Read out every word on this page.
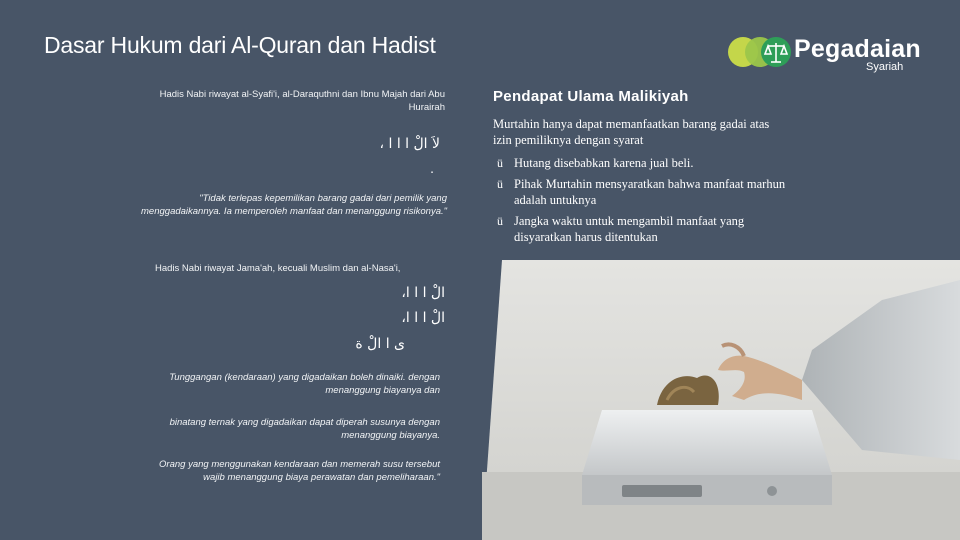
Dasar Hukum dari Al-Quran dan Hadist	Pegadaian
Syariah
Hadis Nabi riwayat al-Syafi'i, al-Daraquthni dan Ibnu Majah dari Abu Hurairah
لاَ الْ ا ا ا ،
.
"Tidak terlepas kepemilikan barang gadai dari pemilik yang menggadaikannya. Ia memperoleh manfaat dan menanggung risikonya."
Hadis Nabi riwayat Jama'ah, kecuali Muslim dan al-Nasa'i,
الْ ا ا ا،
الْ ا ا ا،
ى ا الْ ة
Tunggangan (kendaraan) yang digadaikan boleh dinaiki. dengan menanggung biayanya dan
binatang ternak yang digadaikan dapat diperah susunya dengan menanggung biayanya.
Orang yang menggunakan kendaraan dan memerah susu tersebut wajib menanggung biaya perawatan dan pemeliharaan."
Pendapat Ulama Malikiyah
Murtahin hanya dapat memanfaatkan barang gadai atas izin pemiliknya dengan syarat
ü Hutang disebabkan karena jual beli.
ü Pihak Murtahin mensyaratkan bahwa manfaat marhun adalah untuknya
ü Jangka waktu untuk mengambil manfaat yang disyaratkan harus ditentukan
